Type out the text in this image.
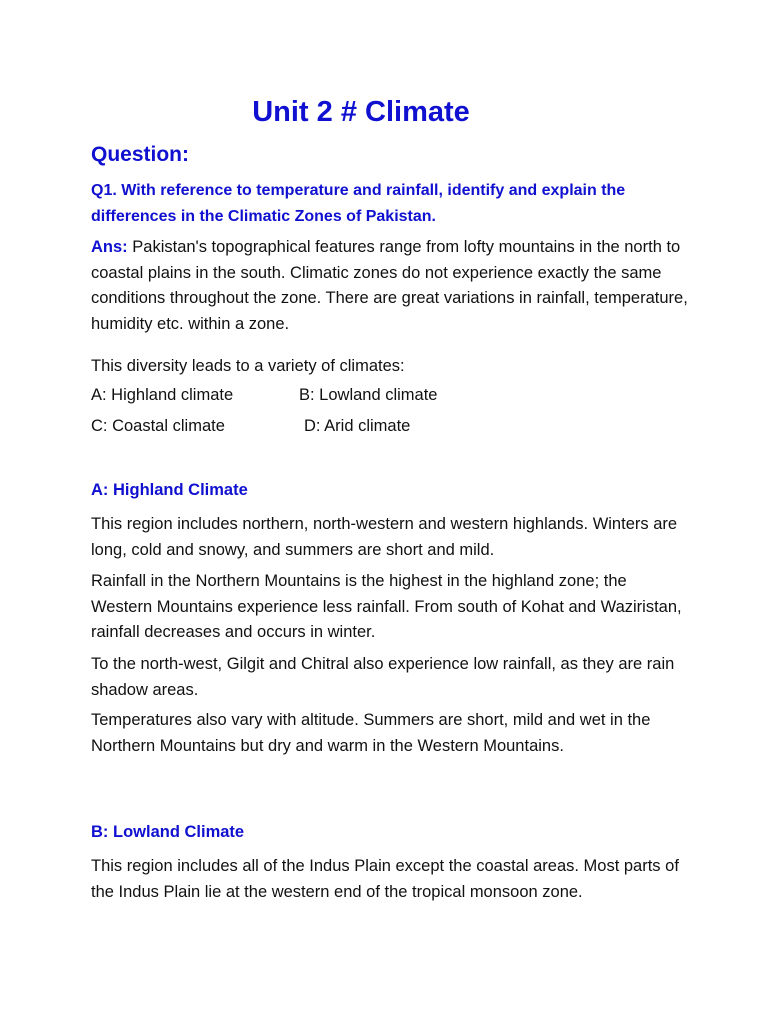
Unit 2 # Climate
Question:

Q1. With reference to temperature and rainfall, identify and explain the differences in the Climatic Zones of Pakistan.

Ans: Pakistan's topographical features range from lofty mountains in the north to coastal plains in the south. Climatic zones do not experience exactly the same conditions throughout the zone. There are great variations in rainfall, temperature, humidity etc. within a zone.

This diversity leads to a variety of climates:

A: Highland climate	B: Lowland climate

C: Coastal climate	D: Arid climate

A: Highland Climate

This region includes northern, north-western and western highlands. Winters are long, cold and snowy, and summers are short and mild.

Rainfall in the Northern Mountains is the highest in the highland zone; the Western Mountains experience less rainfall. From south of Kohat and Waziristan, rainfall decreases and occurs in winter.

To the north-west, Gilgit and Chitral also experience low rainfall, as they are rain shadow areas.

Temperatures also vary with altitude. Summers are short, mild and wet in the Northern Mountains but dry and warm in the Western Mountains.

B: Lowland Climate

This region includes all of the Indus Plain except the coastal areas. Most parts of the Indus Plain lie at the western end of the tropical monsoon zone.
